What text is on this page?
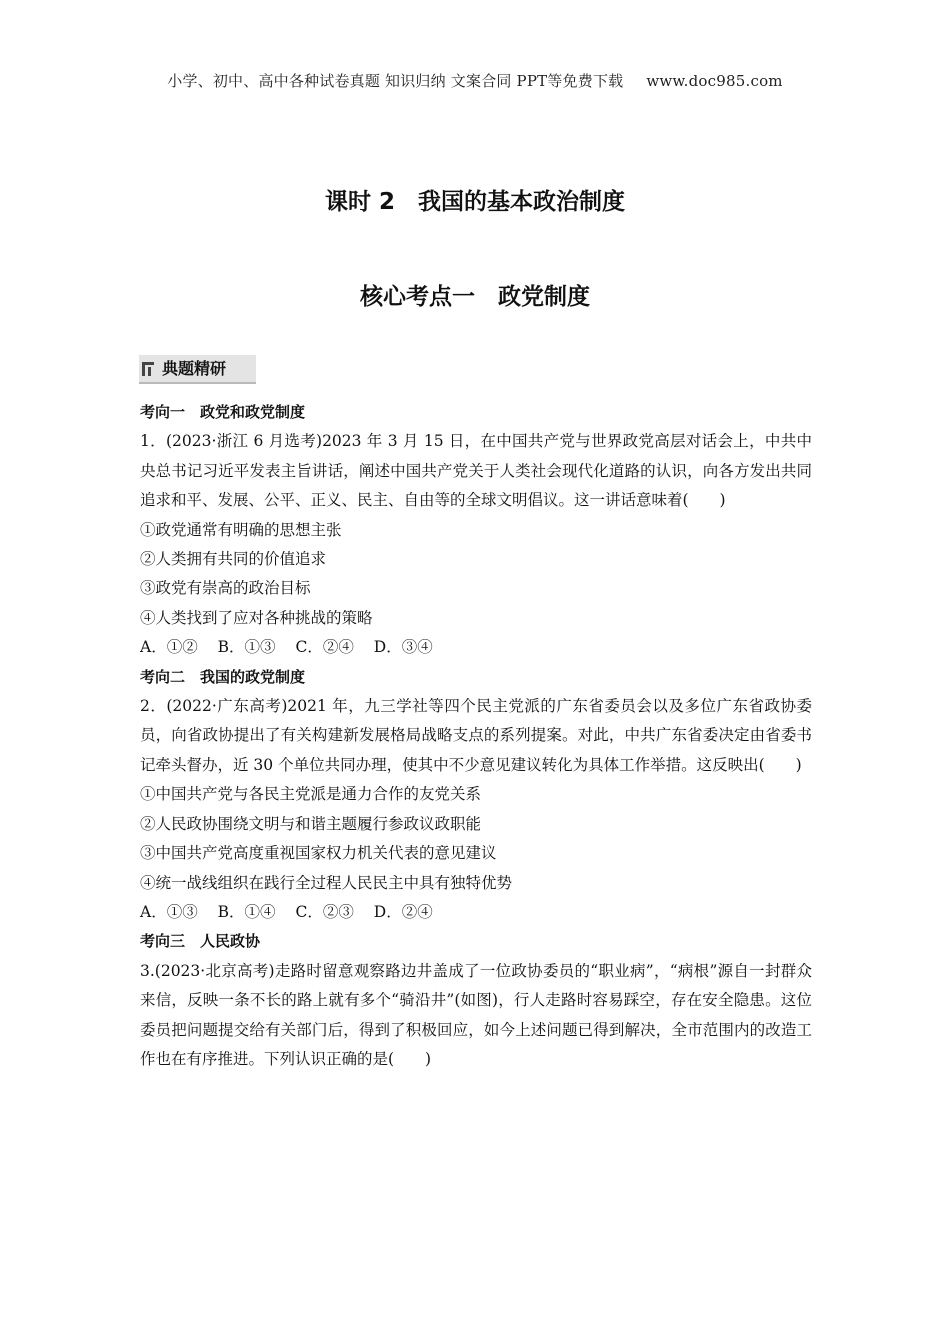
小学、初中、高中各种试卷真题 知识归纳 文案合同 PPT等免费下载 www.doc985.com
课时 2　我国的基本政治制度
核心考点一　政党制度
典题精研

考向一　政党和政党制度

1．(2023·浙江 6 月选考)2023 年 3 月 15 日，在中国共产党与世界政党高层对话会上，中共中央总书记习近平发表主旨讲话，阐述中国共产党关于人类社会现代化道路的认识，向各方发出共同追求和平、发展、公平、正义、民主、自由等的全球文明倡议。这一讲话意味着(　　)

①政党通常有明确的思想主张

②人类拥有共同的价值追求

③政党有崇高的政治目标

④人类找到了应对各种挑战的策略

A．①② B．①③ C．②④ D．③④

考向二　我国的政党制度

2．(2022·广东高考)2021 年，九三学社等四个民主党派的广东省委员会以及多位广东省政协委员，向省政协提出了有关构建新发展格局战略支点的系列提案。对此，中共广东省委决定由省委书记牵头督办，近 30 个单位共同办理，使其中不少意见建议转化为具体工作举措。这反映出(　　)

①中国共产党与各民主党派是通力合作的友党关系

②人民政协围绕文明与和谐主题履行参政议政职能

③中国共产党高度重视国家权力机关代表的意见建议

④统一战线组织在践行全过程人民民主中具有独特优势

A．①③ B．①④ C．②③ D．②④

考向三　人民政协

3.(2023·北京高考)走路时留意观察路边井盖成了一位政协委员的“职业病”，“病根”源自一封群众来信，反映一条不长的路上就有多个“骑沿井”(如图)，行人走路时容易踩空，存在安全隐患。这位委员把问题提交给有关部门后，得到了积极回应，如今上述问题已得到解决，全市范围内的改造工作也在有序推进。下列认识正确的是(　　)
